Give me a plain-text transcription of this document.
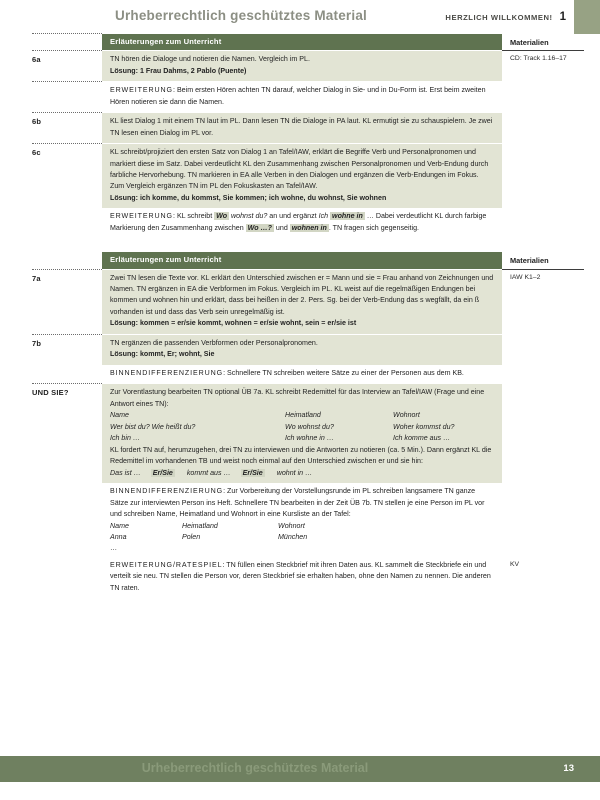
Urheberrechtlich geschütztes Material	HERZLICH WILLKOMMEN! 1
Erläuterungen zum Unterricht	Materialien
6a	TN hören die Dialoge und notieren die Namen. Vergleich im PL.

Lösung: 1 Frau Dahms, 2 Pablo (Puente)

CD: Track 1.16–17

ERWEITERUNG: Beim ersten Hören achten TN darauf, welcher Dialog in Sie- und in Du-Form ist. Erst beim zweiten Hören notieren sie dann die Namen.

6b	KL liest Dialog 1 mit einem TN laut im PL. Dann lesen TN die Dialoge in PA laut. KL ermutigt sie zu schauspielern. Je zwei TN lesen einen Dialog im PL vor.

6c	KL schreibt/projiziert den ersten Satz von Dialog 1 an Tafel/IAW, erklärt die Begriffe Verb und Personalpronomen und markiert diese im Satz. Dabei verdeutlicht KL den Zusammenhang zwischen Personalpronomen und Verb-Endung durch farbliche Hervorhebung. TN markieren in EA alle Verben in den Dialogen und ergänzen die Verb-Endungen im Fokus. Zum Vergleich ergänzen TN im PL den Fokuskasten an Tafel/IAW.

Lösung: ich komme, du kommst, Sie kommen; ich wohne, du wohnst, Sie wohnen

ERWEITERUNG: KL schreibt Wo wohnst du? an und ergänzt Ich wohne in … Dabei verdeutlicht KL durch farbige Markierung den Zusammenhang zwischen Wo …? und wohnen in . TN fragen sich gegenseitig.

Erläuterungen zum Unterricht	Materialien
7a	Zwei TN lesen die Texte vor. KL erklärt den Unterschied zwischen er = Mann und sie = Frau anhand von Zeichnungen und Namen. TN ergänzen in EA die Verbformen im Fokus. Vergleich im PL. KL weist auf die regelmäßigen Endungen bei kommen und wohnen hin und erklärt, dass bei heißen in der 2. Pers. Sg. bei der Verb-Endung das s wegfällt, da ein ß vorhanden ist und dass das Verb sein unregelmäßig ist.

Lösung: kommen = er/sie kommt, wohnen = er/sie wohnt, sein = er/sie ist

IAW K1–2
7b	TN ergänzen die passenden Verbformen oder Personalpronomen.

Lösung: kommt, Er; wohnt, Sie

BINNENDIFFERENZIERUNG: Schnellere TN schreiben weitere Sätze zu einer der Personen aus dem KB.

UND SIE?	Zur Vorentlastung bearbeiten TN optional ÜB 7a. KL schreibt Redemittel für das Interview an Tafel/IAW (Frage und eine Antwort eines TN):

Name	Heimatland	Wohnort
Wer bist du? Wie heißt du?	Wo wohnst du?	Woher kommst du?
Ich bin …	Ich wohne in …	Ich komme aus …

KL fordert TN auf, herumzugehen, drei TN zu interviewen und die Antworten zu notieren (ca. 5 Min.). Dann ergänzt KL die Redemittel im vorhandenen TB und weist noch einmal auf den Unterschied zwischen er und sie hin:

Das ist … Er/Sie kommt aus … Er/Sie wohnt in …

BINNENDIFFERENZIERUNG: Zur Vorbereitung der Vorstellungsrunde im PL schreiben langsamere TN ganze Sätze zur interviewten Person ins Heft. Schnellere TN bearbeiten in der Zeit ÜB 7b. TN stellen je eine Person im PL vor und schreiben Name, Heimatland und Wohnort in eine Kursliste an der Tafel:

Name	Heimatland	Wohnort
Anna	Polen	München

…

ERWEITERUNG/RATESPIEL: TN füllen einen Steckbrief mit ihren Daten aus. KL sammelt die Steckbriefe ein und verteilt sie neu. TN stellen die Person vor, deren Steckbrief sie erhalten haben, ohne den Namen zu nennen. Die anderen TN raten.

KV
Urheberrechtlich geschütztes Material	13
